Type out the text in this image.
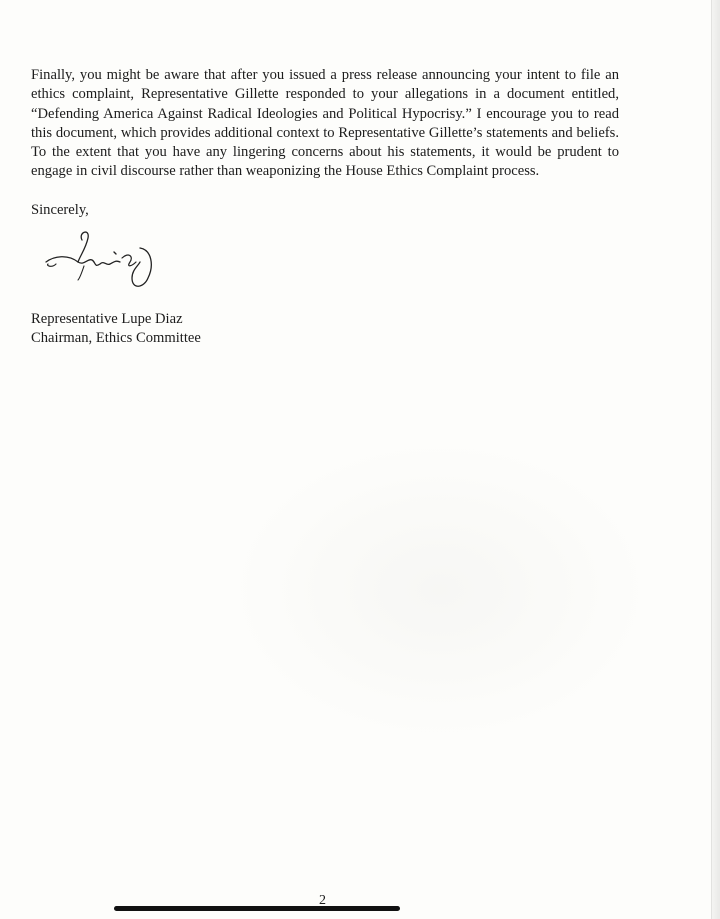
Finally, you might be aware that after you issued a press release announcing your intent to file an ethics complaint, Representative Gillette responded to your allegations in a document entitled, “Defending America Against Radical Ideologies and Political Hypocrisy.” I encourage you to read this document, which provides additional context to Representative Gillette’s statements and beliefs. To the extent that you have any lingering concerns about his statements, it would be prudent to engage in civil discourse rather than weaponizing the House Ethics Complaint process.

Sincerely,

Representative Lupe Diaz
Chairman, Ethics Committee
2
